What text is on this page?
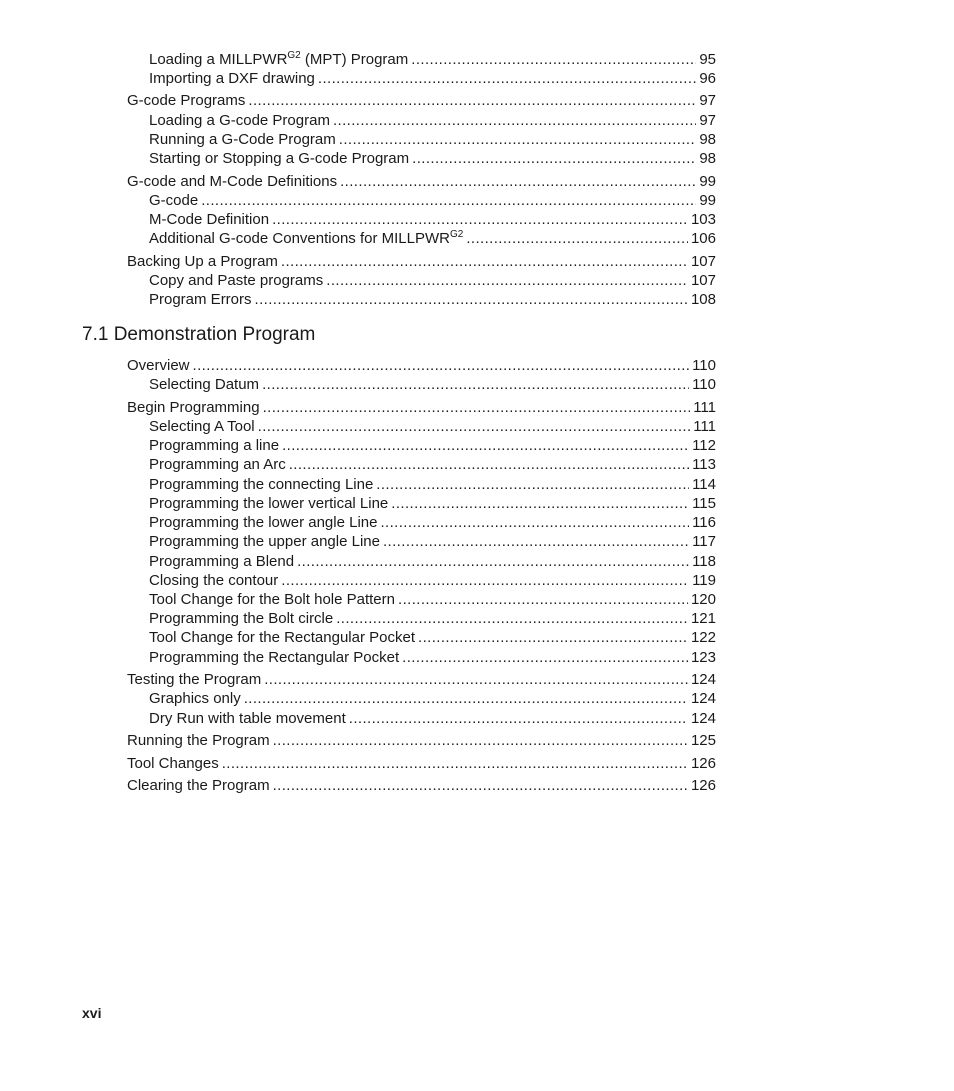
Loading a $MILLPWR^{G2}$ (MPT) Program .....	95
Importing a DXF drawing .....	96
G-code Programs .....	97
Loading a G-code Program .....	97
Running a G-Code Program .....	98
Starting or Stopping a G-code Program .....	98
G-code and M-Code Definitions .....	99
G-code .....	99
M-Code Definition .....	103
Additional G-code Conventions for $MILLPWR^{G2}$ .....	106
Backing Up a Program .....	107
Copy and Paste programs .....	107
Program Errors .....	108
7.1 Demonstration Program
Overview .....	110
Selecting Datum .....	110
Begin Programming .....	111
Selecting A Tool .....	111
Programming a line .....	112
Programming an Arc .....	113
Programming the connecting Line .....	114
Programming the lower vertical Line .....	115
Programming the lower angle Line .....	116
Programming the upper angle Line .....	117
Programming a Blend .....	118
Closing the contour .....	119
Tool Change for the Bolt hole Pattern .....	120
Programming the Bolt circle .....	121
Tool Change for the Rectangular Pocket .....	122
Programming the Rectangular Pocket .....	123
Testing the Program .....	124
Graphics only .....	124
Dry Run with table movement .....	124
Running the Program .....	125
Tool Changes .....	126
Clearing the Program .....	126
xvi
